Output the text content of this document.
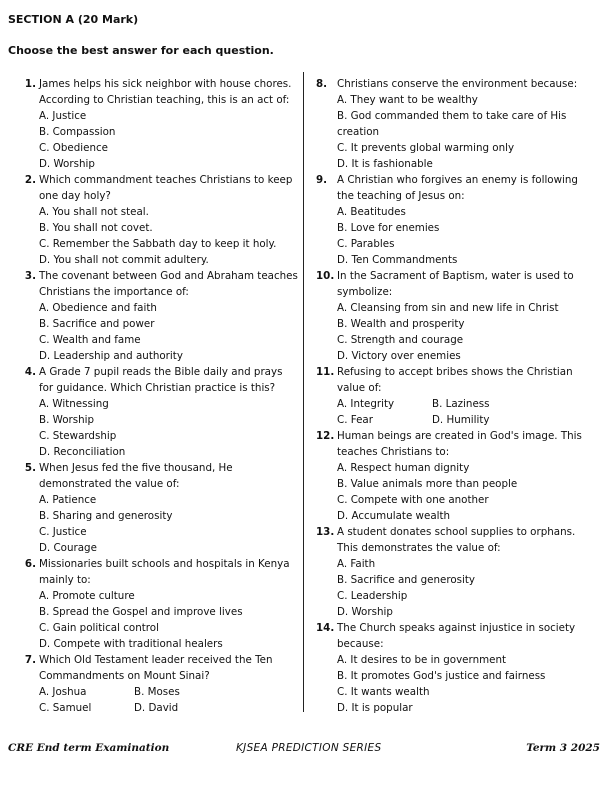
SECTION A (20 Mark)

Choose the best answer for each question.

1. James helps his sick neighbor with house chores. According to Christian teaching, this is an act of:
A. Justice
B. Compassion
C. Obedience
D. Worship
2. Which commandment teaches Christians to keep one day holy?
A. You shall not steal.
B. You shall not covet.
C. Remember the Sabbath day to keep it holy.
D. You shall not commit adultery.
3. The covenant between God and Abraham teaches Christians the importance of:
A. Obedience and faith
B. Sacrifice and power
C. Wealth and fame
D. Leadership and authority
4. A Grade 7 pupil reads the Bible daily and prays for guidance. Which Christian practice is this?
A. Witnessing
B. Worship
C. Stewardship
D. Reconciliation
5. When Jesus fed the five thousand, He demonstrated the value of:
A. Patience
B. Sharing and generosity
C. Justice
D. Courage
6. Missionaries built schools and hospitals in Kenya mainly to:
A. Promote culture
B. Spread the Gospel and improve lives
C. Gain political control
D. Compete with traditional healers
7. Which Old Testament leader received the Ten Commandments on Mount Sinai?
A. Joshua	B. Moses
C. Samuel	D. David
8. Christians conserve the environment because:
A. They want to be wealthy
B. God commanded them to take care of His creation
C. It prevents global warming only
D. It is fashionable
9. A Christian who forgives an enemy is following the teaching of Jesus on:
A. Beatitudes
B. Love for enemies
C. Parables
D. Ten Commandments
10. In the Sacrament of Baptism, water is used to symbolize:
A. Cleansing from sin and new life in Christ
B. Wealth and prosperity
C. Strength and courage
D. Victory over enemies
11. Refusing to accept bribes shows the Christian value of:
A. Integrity	B. Laziness
C. Fear	D. Humility
12. Human beings are created in God's image. This teaches Christians to:
A. Respect human dignity
B. Value animals more than people
C. Compete with one another
D. Accumulate wealth
13. A student donates school supplies to orphans. This demonstrates the value of:
A. Faith
B. Sacrifice and generosity
C. Leadership
D. Worship
14. The Church speaks against injustice in society because:
A. It desires to be in government
B. It promotes God's justice and fairness
C. It wants wealth
D. It is popular
CRE End term Examination	KJSEA PREDICTION SERIES	Term 3 2025
